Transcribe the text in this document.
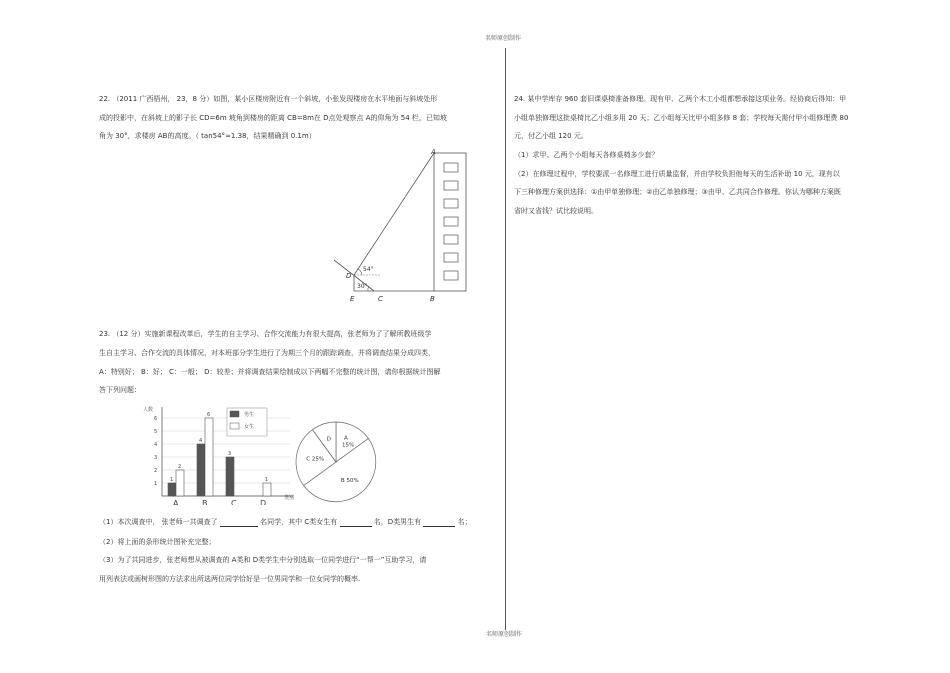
名师原创制作
名师原创制作
22. （2011 广西梧州， 23，8 分）如图，某小区楼房附近有一个斜坡，小张发现楼房在水平地面与斜坡处形
成的投影中，在斜坡上的影子长 CD=6m 坡角到楼房的距离 CB=8m在 D点处观察点 A的仰角为 54 栏，已知坡
角为 30°，求楼房 AB的高度。（ tan54°≈1.38，结果精确到 0.1m）
A
D
E	C	B
54°
30°
23. （12 分）实施新课程改革后，学生的自主学习、合作交流能力有很大提高，张老师为了了解所教班级学
生自主学习、合作交流的具体情况，对本班部分学生进行了为期三个月的跟踪调查，并将调查结果分成四类，
A：特别好； B：好； C：一般； D：较差；并将调查结果绘制成以下两幅不完整的统计图，请你根据统计图解
答下列问题：
1
2
3
4
5
6
人数
类别
1
2
A
4
6
B
3
C
1
D
男生
女生
A
15%
B 50%
C 25%
D
（1）本次调查中， 张老师一共调查了	名同学，其中 C类女生有	名，D类男生有	名；
（2）将上面的条形统计图补充完整；
（3）为了共同进步，张老师想从被调查的 A类和 D类学生中分别选取一位同学进行“一帮一”互助学习，请
用列表法或画树形图的方法求出所选两位同学恰好是一位男同学和一位女同学的概率.
24. 某中学库存 960 套旧课桌椅准备修理。现有甲、乙两个木工小组都想承接这项业务。经协商后得知：甲
小组单独修理这批桌椅比乙小组多用 20 天；乙小组每天比甲小组多修 8 套；学校每天需付甲小组修理费 80
元，付乙小组 120 元。
（1）求甲、乙两个小组每天各修桌椅多少套？
（2）在修理过程中，学校要派一名修理工进行质量监督，并由学校负担他每天的生活补助 10 元，现有以
下三种修理方案供选择：①由甲单独修理；②由乙单独修理；③由甲、乙共同合作修理。你认为哪种方案既
省时又省钱？试比较说明。
